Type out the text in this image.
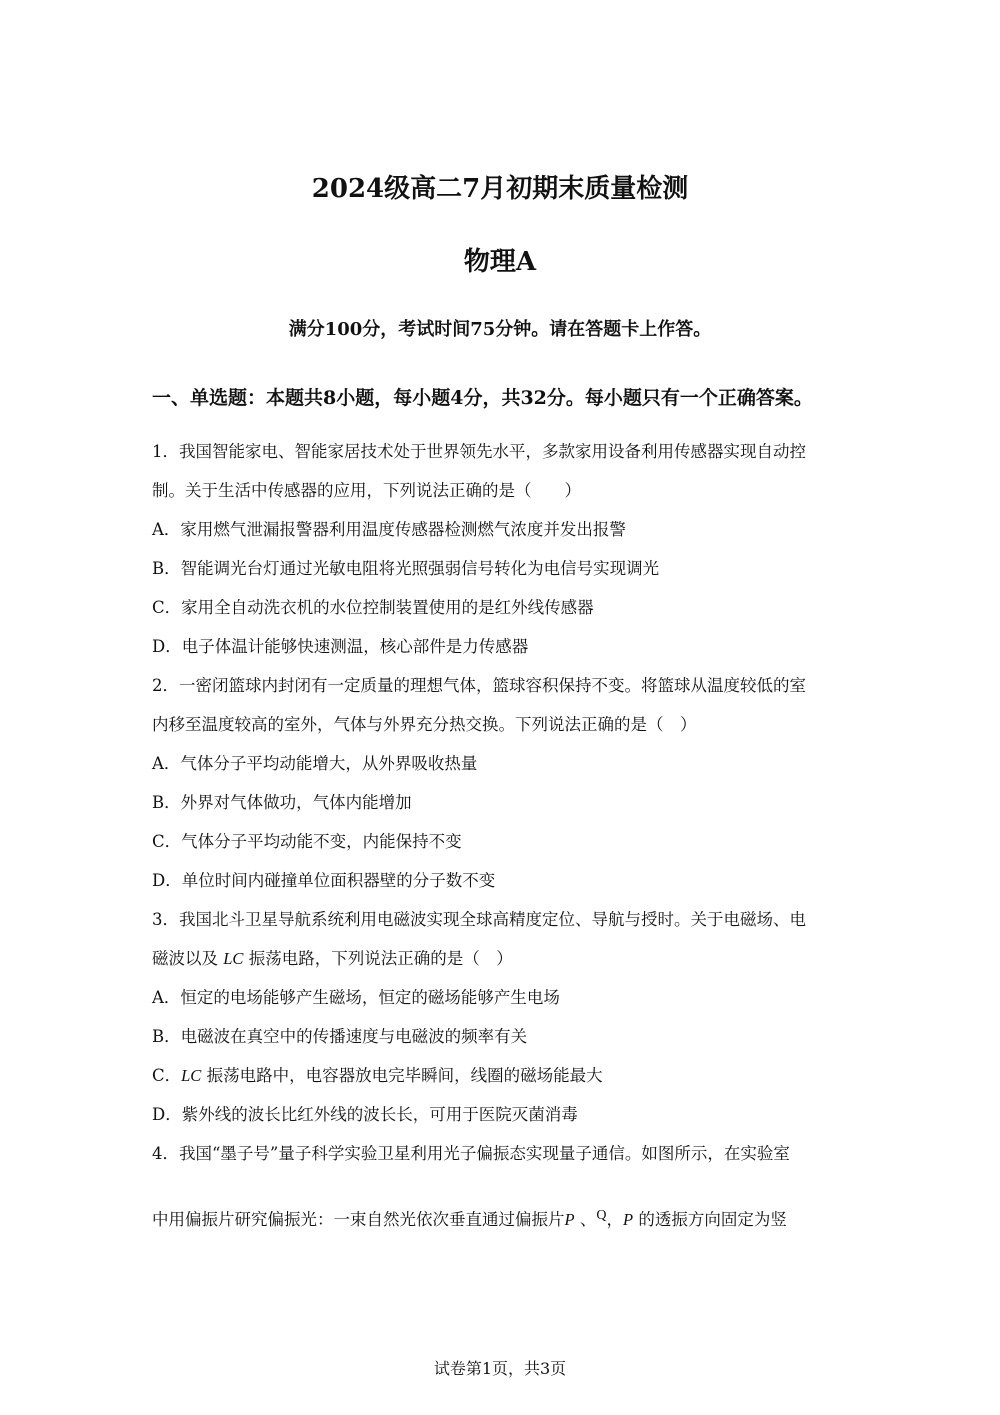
2024级高二7月初期末质量检测
物理A

满分100分，考试时间75分钟。请在答题卡上作答。

一、单选题：本题共8小题，每小题4分，共32分。每小题只有一个正确答案。

1．我国智能家电、智能家居技术处于世界领先水平，多款家用设备利用传感器实现自动控

制。关于生活中传感器的应用，下列说法正确的是（　　）

A．家用燃气泄漏报警器利用温度传感器检测燃气浓度并发出报警

B．智能调光台灯通过光敏电阻将光照强弱信号转化为电信号实现调光

C．家用全自动洗衣机的水位控制装置使用的是红外线传感器

D．电子体温计能够快速测温，核心部件是力传感器

2．一密闭篮球内封闭有一定质量的理想气体，篮球容积保持不变。将篮球从温度较低的室

内移至温度较高的室外，气体与外界充分热交换。下列说法正确的是（　）

A．气体分子平均动能增大，从外界吸收热量

B．外界对气体做功，气体内能增加

C．气体分子平均动能不变，内能保持不变

D．单位时间内碰撞单位面积器壁的分子数不变

3．我国北斗卫星导航系统利用电磁波实现全球高精度定位、导航与授时。关于电磁场、电

磁波以及 LC 振荡电路，下列说法正确的是（　）

A．恒定的电场能够产生磁场，恒定的磁场能够产生电场

B．电磁波在真空中的传播速度与电磁波的频率有关

C．LC 振荡电路中，电容器放电完毕瞬间，线圈的磁场能最大

D．紫外线的波长比红外线的波长长，可用于医院灭菌消毒

4．我国“墨子号”量子科学实验卫星利用光子偏振态实现量子通信。如图所示，在实验室

中用偏振片研究偏振光：一束自然光依次垂直通过偏振片P 、$^Q$，P 的透振方向固定为竖

试卷第1页，共3页
